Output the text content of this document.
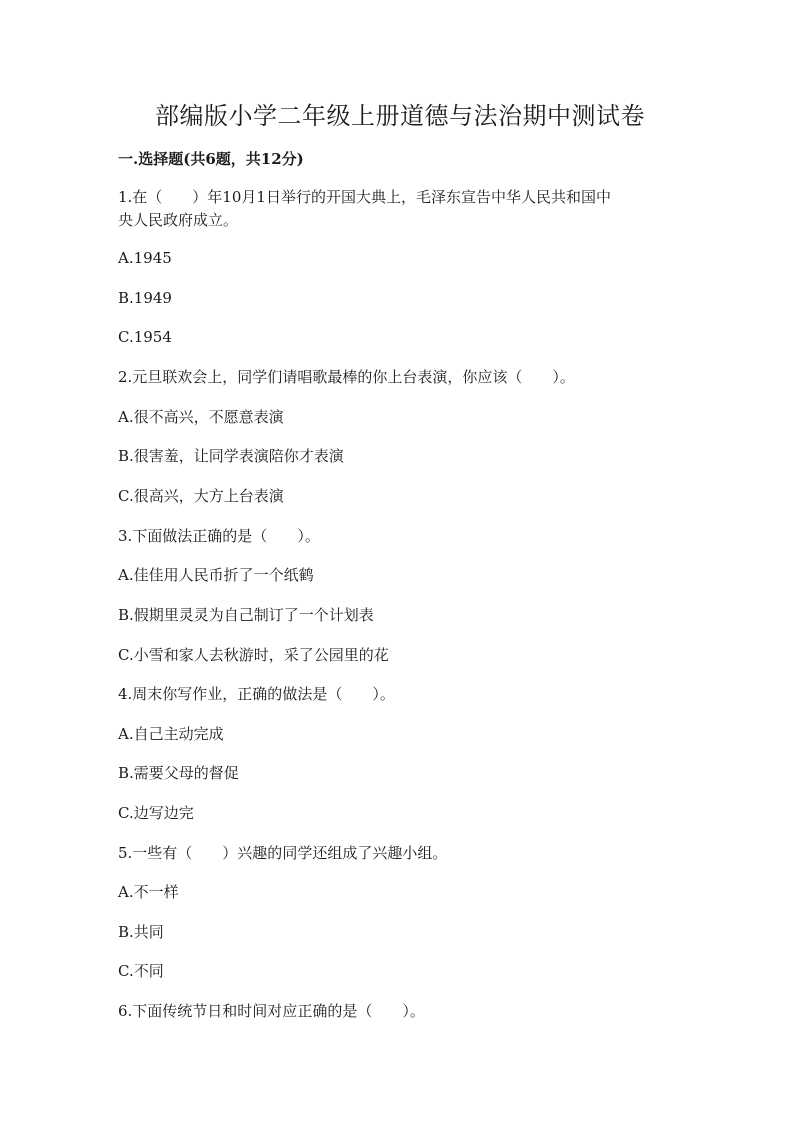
部编版小学二年级上册道德与法治期中测试卷
一.选择题(共6题，共12分)
1.在（　　）年10月1日举行的开国大典上，毛泽东宣告中华人民共和国中
央人民政府成立。
A.1945
B.1949
C.1954
2.元旦联欢会上，同学们请唱歌最棒的你上台表演，你应该（　　）。
A.很不高兴，不愿意表演
B.很害羞，让同学表演陪你才表演
C.很高兴，大方上台表演
3.下面做法正确的是（　　）。
A.佳佳用人民币折了一个纸鹤
B.假期里灵灵为自己制订了一个计划表
C.小雪和家人去秋游时，采了公园里的花
4.周末你写作业，正确的做法是（　　）。
A.自己主动完成
B.需要父母的督促
C.边写边完
5.一些有（　　）兴趣的同学还组成了兴趣小组。
A.不一样
B.共同
C.不同
6.下面传统节日和时间对应正确的是（　　）。
